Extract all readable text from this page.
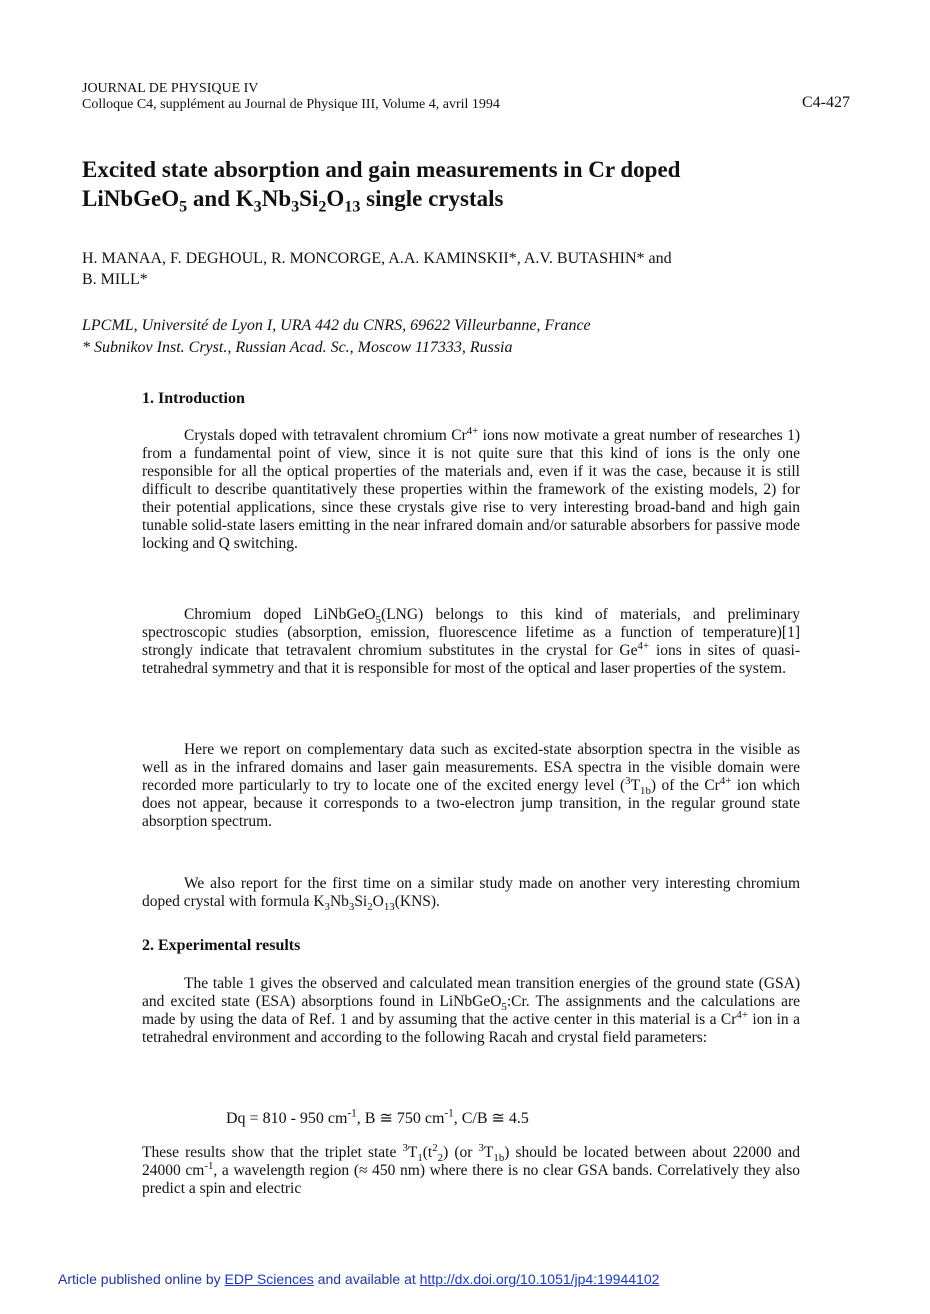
JOURNAL DE PHYSIQUE IV
Colloque C4, supplément au Journal de Physique III, Volume 4, avril 1994	C4-427
Excited state absorption and gain measurements in Cr doped
LiNbGeO$_5$ and $K_3Nb_3Si_2O_{13}$ single crystals
H. MANAA, F. DEGHOUL, R. MONCORGE, A.A. KAMINSKII*, A.V. BUTASHIN* and
B. MILL*
LPCML, Université de Lyon I, URA 442 du CNRS, 69622 Villeurbanne, France
* Subnikov Inst. Cryst., Russian Acad. Sc., Moscow 117333, Russia
1. Introduction

Crystals doped with tetravalent chromium $Cr^{4+}$ ions now motivate a great number of researches 1) from a fundamental point of view, since it is not quite sure that this kind of ions is the only one responsible for all the optical properties of the materials and, even if it was the case, because it is still difficult to describe quantitatively these properties within the framework of the existing models, 2) for their potential applications, since these crystals give rise to very interesting broad-band and high gain tunable solid-state lasers emitting in the near infrared domain and/or saturable absorbers for passive mode locking and Q switching.

Chromium doped LiNbGeO$_5$(LNG) belongs to this kind of materials, and preliminary spectroscopic studies (absorption, emission, fluorescence lifetime as a function of temperature)[1] strongly indicate that tetravalent chromium substitutes in the crystal for $Ge^{4+}$ ions in sites of quasi-tetrahedral symmetry and that it is responsible for most of the optical and laser properties of the system.

Here we report on complementary data such as excited-state absorption spectra in the visible as well as in the infrared domains and laser gain measurements. ESA spectra in the visible domain were recorded more particularly to try to locate one of the excited energy level $(^3T_{1b})$ of the $Cr^{4+}$ ion which does not appear, because it corresponds to a two-electron jump transition, in the regular ground state absorption spectrum.

We also report for the first time on a similar study made on another very interesting chromium doped crystal with formula $K_3Nb_3Si_2O_{13}(KNS)$.

2. Experimental results

The table 1 gives the observed and calculated mean transition energies of the ground state (GSA) and excited state (ESA) absorptions found in LiNbGeO$_5$:Cr. The assignments and the calculations are made by using the data of Ref. 1 and by assuming that the active center in this material is a $Cr^{4+}$ ion in a tetrahedral environment and according to the following Racah and crystal field parameters:

Dq = 810 - 950 $cm^{-1}$, B ≅ 750 $cm^{-1}$, C/B ≅ 4.5

These results show that the triplet state $^3T_1(t^2_2)$ (or $^3T_{1b}$) should be located between about 22000 and 24000 $cm^{-1}$, a wavelength region (≈ 450 nm) where there is no clear GSA bands. Correlatively they also predict a spin and electric

Article published online by EDP Sciences and available at http://dx.doi.org/10.1051/jp4:19944102
